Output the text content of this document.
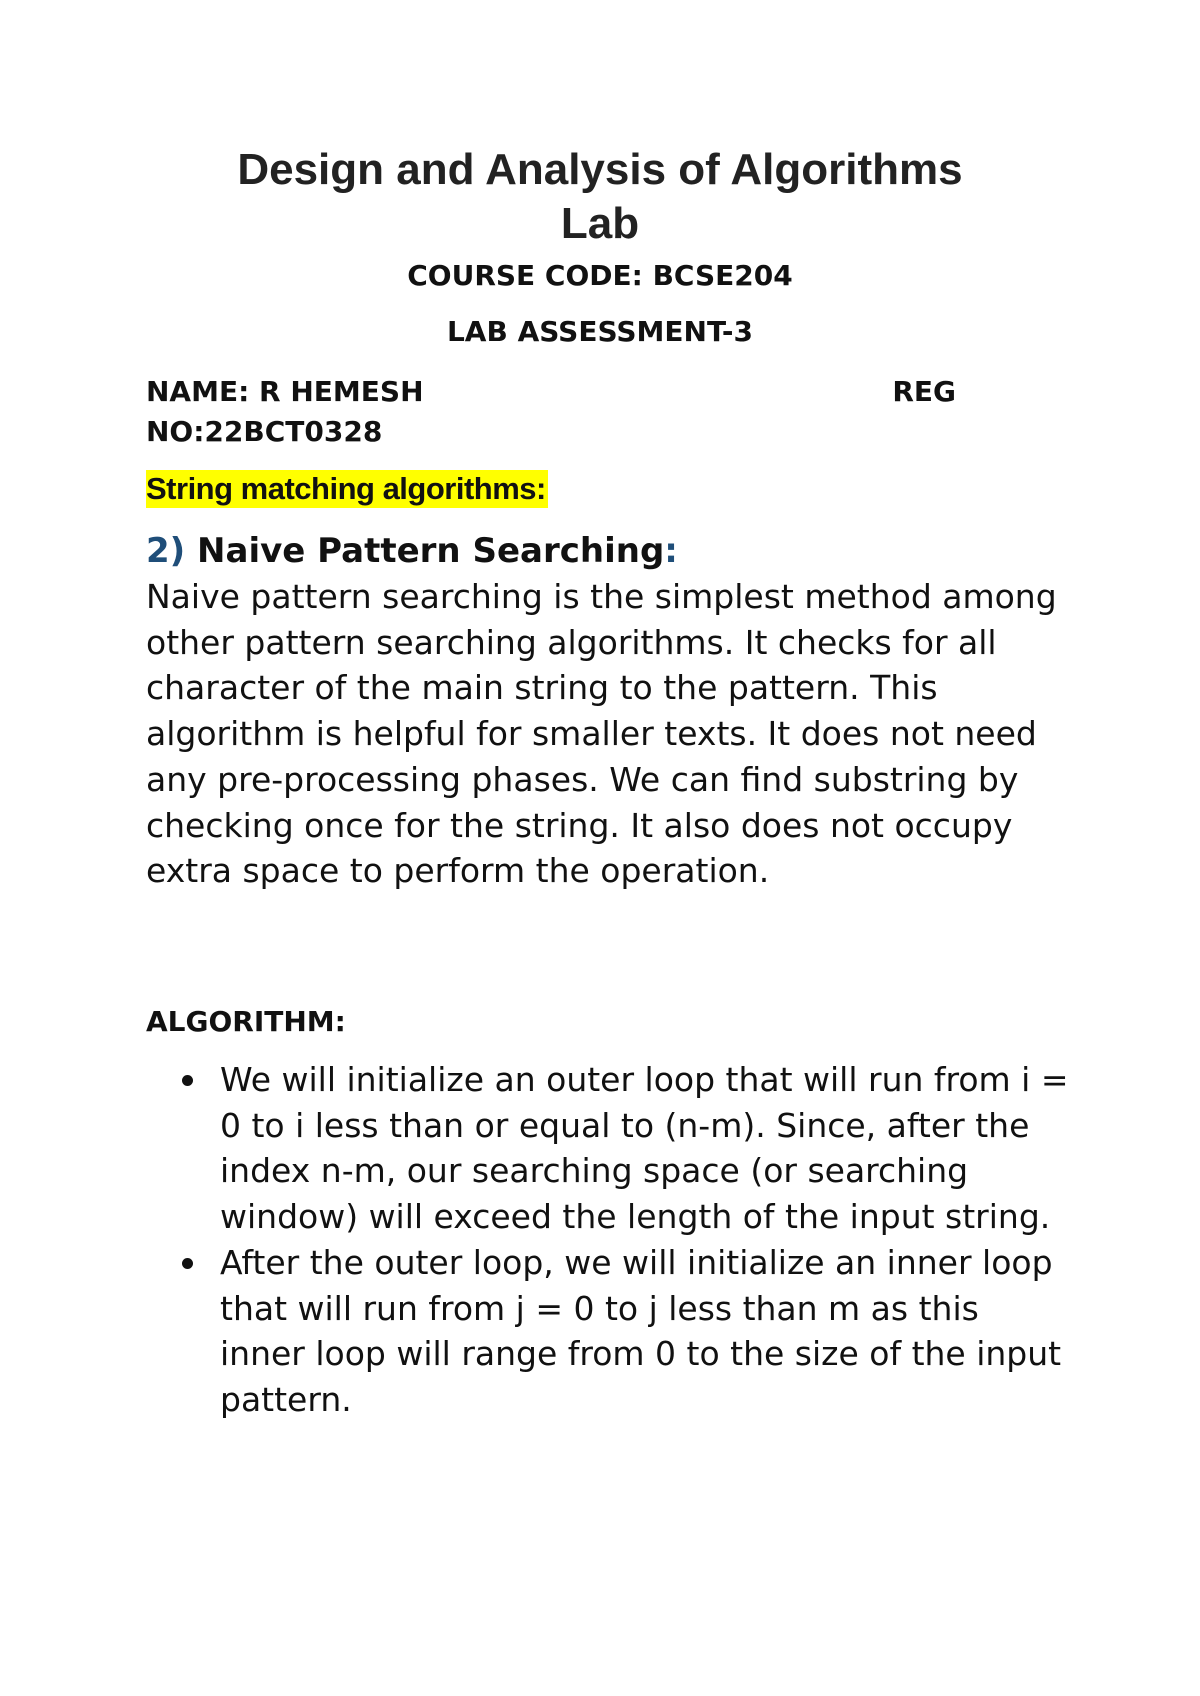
Design and Analysis of Algorithms
Lab
COURSE CODE: BCSE204
LAB ASSESSMENT-3
NAME: R HEMESH	REG
NO:22BCT0328
String matching algorithms:
2) Naive Pattern Searching:
Naive pattern searching is the simplest method among other pattern searching algorithms. It checks for all character of the main string to the pattern. This algorithm is helpful for smaller texts. It does not need any pre-processing phases. We can find substring by checking once for the string. It also does not occupy extra space to perform the operation.
ALGORITHM:
We will initialize an outer loop that will run from i = 0 to i less than or equal to (n-m). Since, after the index n-m, our searching space (or searching window) will exceed the length of the input string.
After the outer loop, we will initialize an inner loop that will run from j = 0 to j less than m as this inner loop will range from 0 to the size of the input pattern.
